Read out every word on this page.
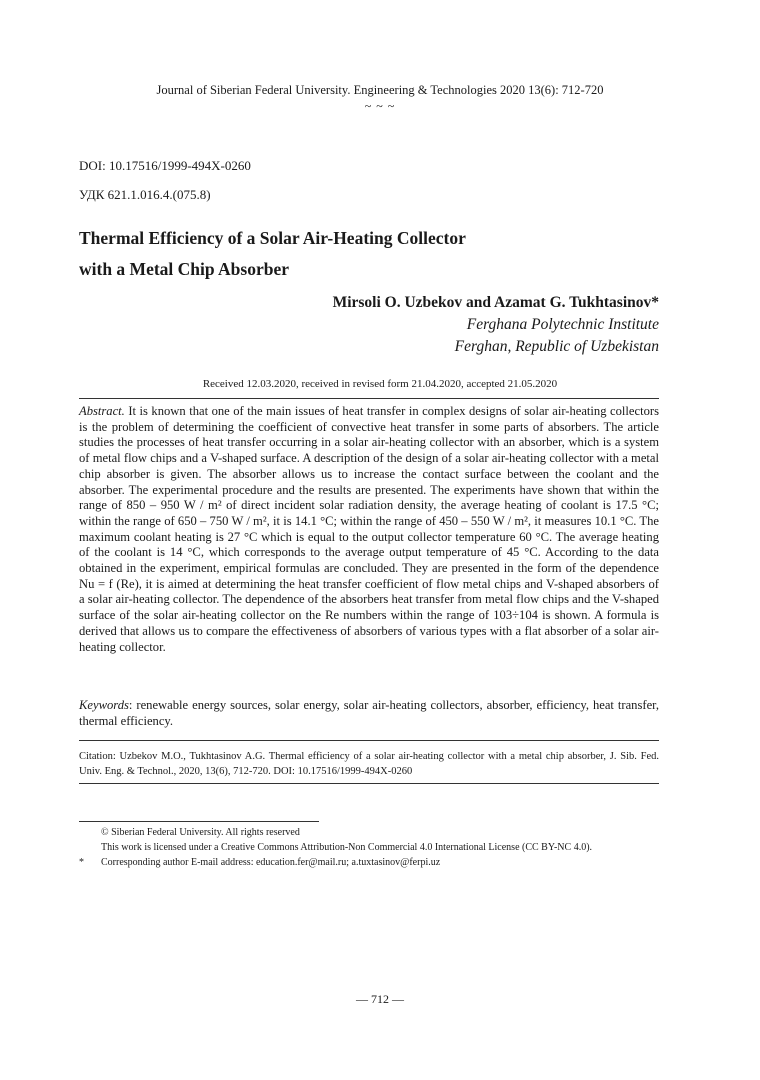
Journal of Siberian Federal University. Engineering & Technologies 2020 13(6): 712-720
~ ~ ~
DOI: 10.17516/1999-494X-0260
УДК 621.1.016.4.(075.8)
Thermal Efficiency of a Solar Air-Heating Collector
with a Metal Chip Absorber
Mirsoli O. Uzbekov and Azamat G. Tukhtasinov*
Ferghana Polytechnic Institute
Ferghan, Republic of Uzbekistan
Received 12.03.2020, received in revised form 21.04.2020, accepted 21.05.2020
Abstract. It is known that one of the main issues of heat transfer in complex designs of solar air-heating collectors is the problem of determining the coefficient of convective heat transfer in some parts of absorbers. The article studies the processes of heat transfer occurring in a solar air-heating collector with an absorber, which is a system of metal flow chips and a V-shaped surface. A description of the design of a solar air-heating collector with a metal chip absorber is given. The absorber allows us to increase the contact surface between the coolant and the absorber. The experimental procedure and the results are presented. The experiments have shown that within the range of 850 – 950 W / m² of direct incident solar radiation density, the average heating of coolant is 17.5 °C; within the range of 650 – 750 W / m², it is 14.1 °C; within the range of 450 – 550 W / m², it measures 10.1 °C. The maximum coolant heating is 27 °C which is equal to the output collector temperature 60 °C. The average heating of the coolant is 14 °C, which corresponds to the average output temperature of 45 °C. According to the data obtained in the experiment, empirical formulas are concluded. They are presented in the form of the dependence Nu = f (Re), it is aimed at determining the heat transfer coefficient of flow metal chips and V-shaped absorbers of a solar air-heating collector. The dependence of the absorbers heat transfer from metal flow chips and the V-shaped surface of the solar air-heating collector on the Re numbers within the range of 103÷104 is shown. A formula is derived that allows us to compare the effectiveness of absorbers of various types with a flat absorber of a solar air-heating collector.
Keywords: renewable energy sources, solar energy, solar air-heating collectors, absorber, efficiency, heat transfer, thermal efficiency.
Citation: Uzbekov M.O., Tukhtasinov A.G. Thermal efficiency of a solar air-heating collector with a metal chip absorber, J. Sib. Fed. Univ. Eng. & Technol., 2020, 13(6), 712-720. DOI: 10.17516/1999-494X-0260
© Siberian Federal University. All rights reserved
This work is licensed under a Creative Commons Attribution-Non Commercial 4.0 International License (CC BY-NC 4.0).
* Corresponding author E-mail address: education.fer@mail.ru; a.tuxtasinov@ferpi.uz
— 712 —
